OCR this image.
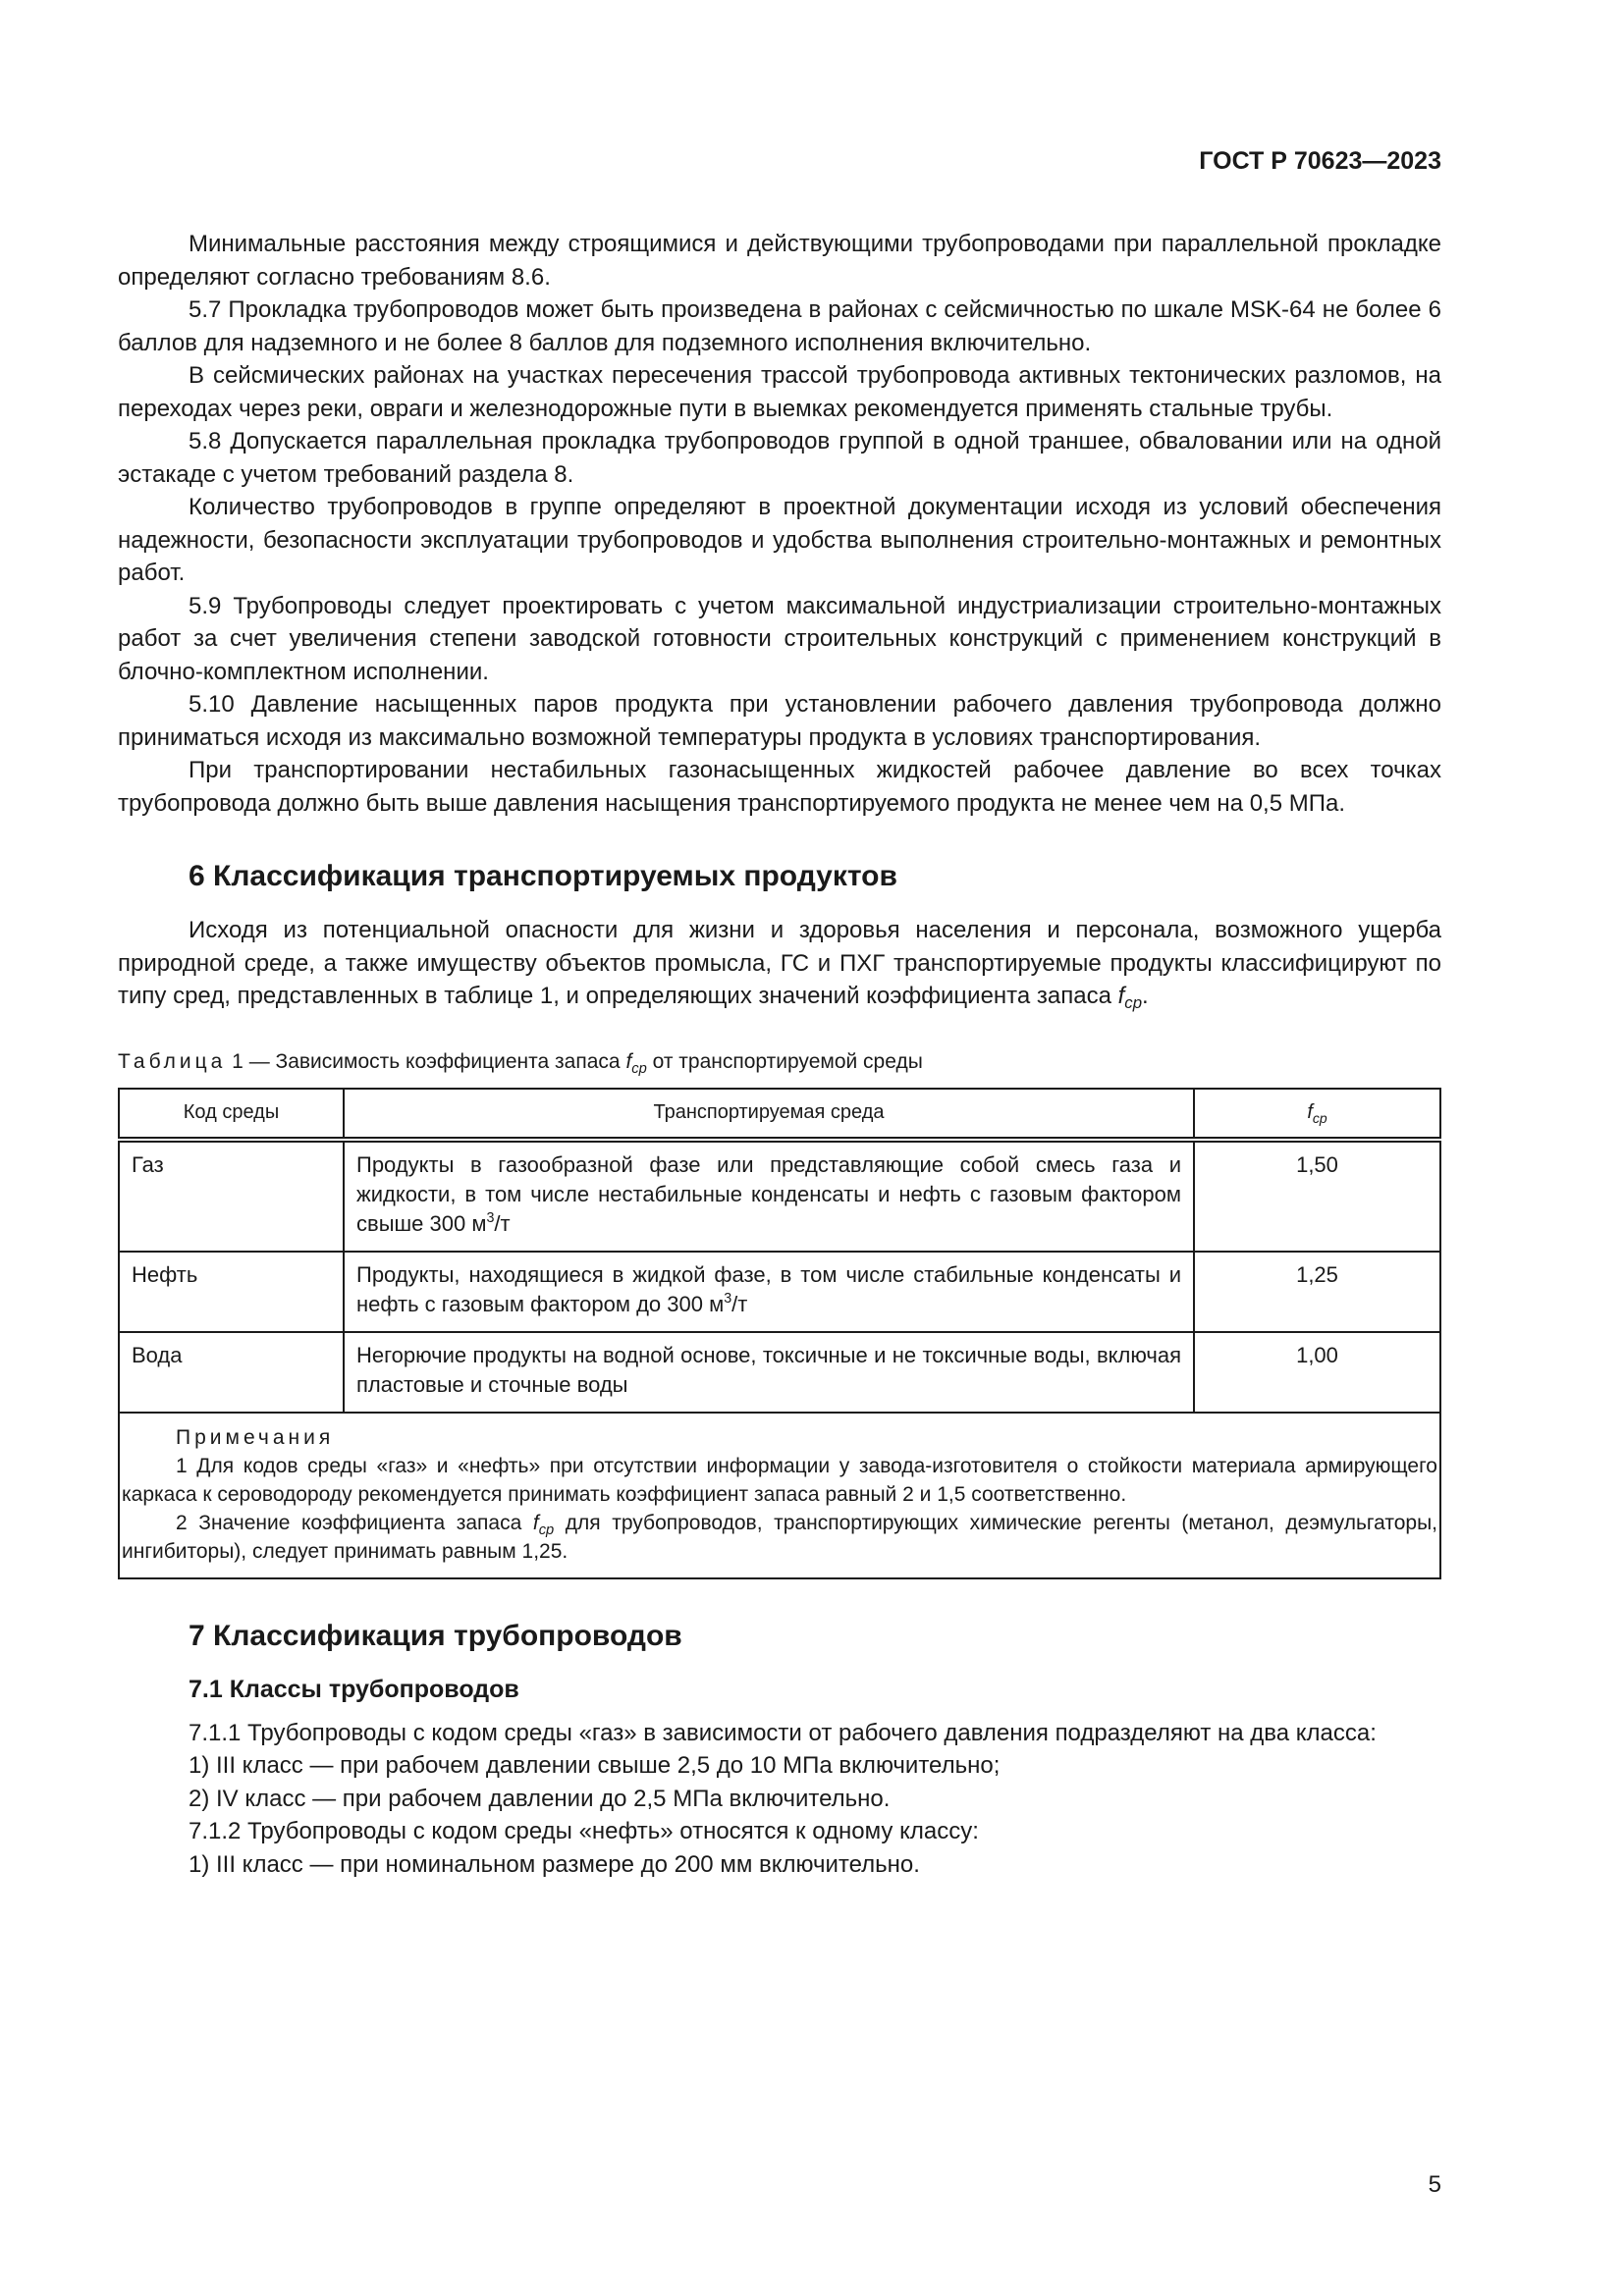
ГОСТ Р 70623—2023

Минимальные расстояния между строящимися и действующими трубопроводами при параллельной прокладке определяют согласно требованиям 8.6.

5.7 Прокладка трубопроводов может быть произведена в районах с сейсмичностью по шкале MSK-64 не более 6 баллов для надземного и не более 8 баллов для подземного исполнения включительно.

В сейсмических районах на участках пересечения трассой трубопровода активных тектонических разломов, на переходах через реки, овраги и железнодорожные пути в выемках рекомендуется применять стальные трубы.

5.8 Допускается параллельная прокладка трубопроводов группой в одной траншее, обваловании или на одной эстакаде с учетом требований раздела 8.

Количество трубопроводов в группе определяют в проектной документации исходя из условий обеспечения надежности, безопасности эксплуатации трубопроводов и удобства выполнения строительно-монтажных и ремонтных работ.

5.9 Трубопроводы следует проектировать с учетом максимальной индустриализации строительно-монтажных работ за счет увеличения степени заводской готовности строительных конструкций с применением конструкций в блочно-комплектном исполнении.

5.10 Давление насыщенных паров продукта при установлении рабочего давления трубопровода должно приниматься исходя из максимально возможной температуры продукта в условиях транспортирования.

При транспортировании нестабильных газонасыщенных жидкостей рабочее давление во всех точках трубопровода должно быть выше давления насыщения транспортируемого продукта не менее чем на 0,5 МПа.

6 Классификация транспортируемых продуктов

Исходя из потенциальной опасности для жизни и здоровья населения и персонала, возможного ущерба природной среде, а также имуществу объектов промысла, ГС и ПХГ транспортируемые продукты классифицируют по типу сред, представленных в таблице 1, и определяющих значений коэффициента запаса $f_{ср}$.

Таблица 1 — Зависимость коэффициента запаса $f_{ср}$ от транспортируемой среды
Код среды	Транспортируемая среда	$f_{ср}$
Газ	Продукты в газообразной фазе или представляющие собой смесь газа и жидкости, в том числе нестабильные конденсаты и нефть с газовым фактором свыше 300 $м^3/т$	1,50
Нефть	Продукты, находящиеся в жидкой фазе, в том числе стабильные конденсаты и нефть с газовым фактором до 300 $м^3/т$	1,25
Вода	Негорючие продукты на водной основе, токсичные и не токсичные воды, включая пластовые и сточные воды	1,00

Примечания
1 Для кодов среды «газ» и «нефть» при отсутствии информации у завода-изготовителя о стойкости материала армирующего каркаса к сероводороду рекомендуется принимать коэффициент запаса равный 2 и 1,5 соответственно.
2 Значение коэффициента запаса $f_{ср}$ для трубопроводов, транспортирующих химические регенты (метанол, деэмульгаторы, ингибиторы), следует принимать равным 1,25.		
7 Классификация трубопроводов
7.1 Классы трубопроводов

7.1.1 Трубопроводы с кодом среды «газ» в зависимости от рабочего давления подразделяют на два класса:

1) III класс — при рабочем давлении свыше 2,5 до 10 МПа включительно;

2) IV класс — при рабочем давлении до 2,5 МПа включительно.

7.1.2 Трубопроводы с кодом среды «нефть» относятся к одному классу:

1) III класс — при номинальном размере до 200 мм включительно.

5
